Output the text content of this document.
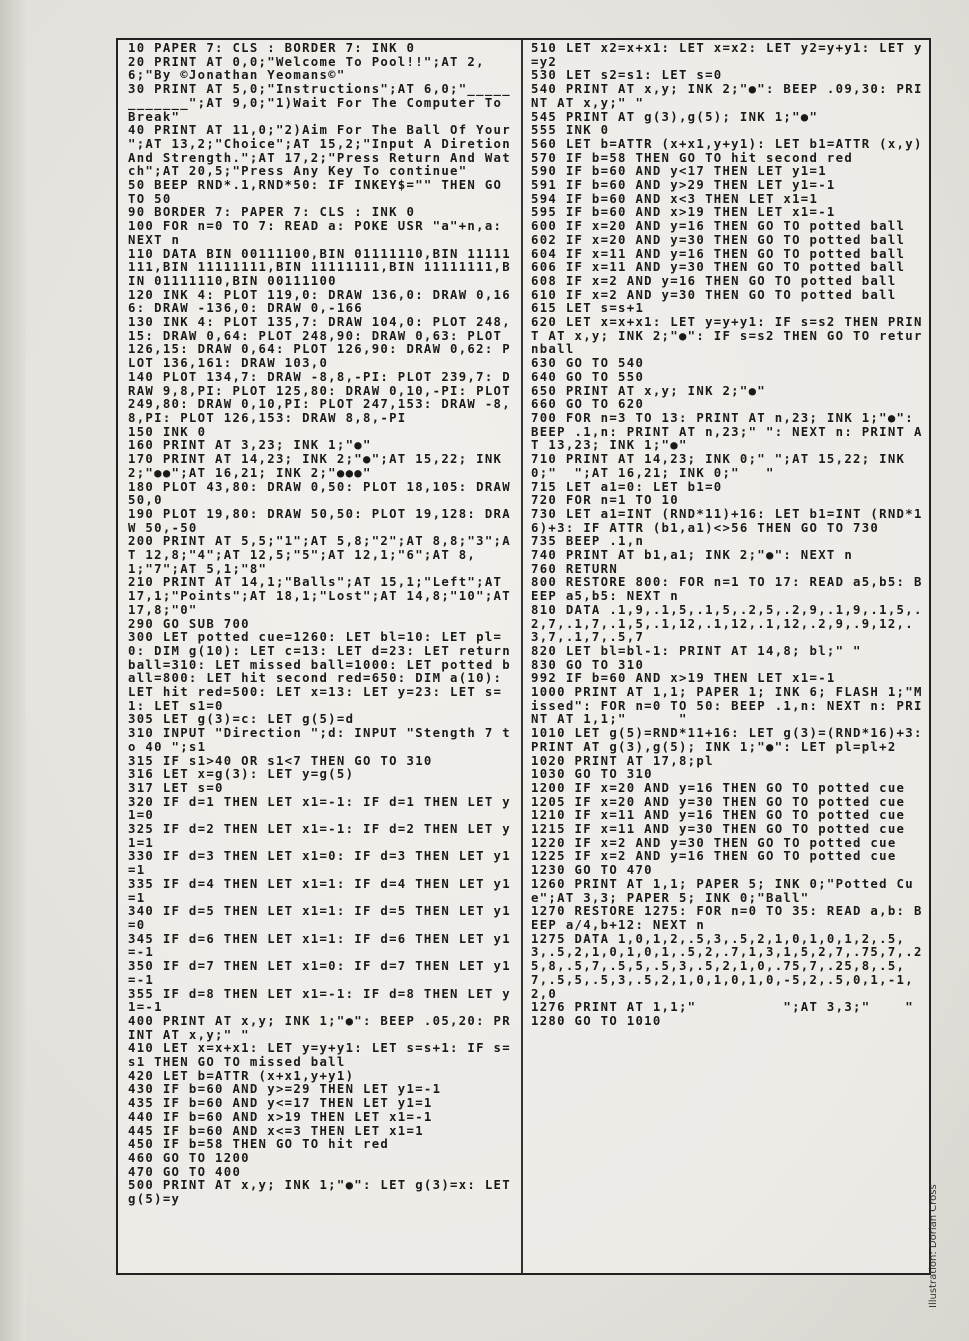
10 PAPER 7: CLS : BORDER 7: INK 0
20 PRINT AT 0,0;"Welcome To Pool!!";AT 2,6;"By ©Jonathan Yeomans©"
30 PRINT AT 5,0;"Instructions";AT 6,0;"____________";AT 9,0;"1)Wait For The Computer To Break"
40 PRINT AT 11,0;"2)Aim For The Ball Of Your ";AT 13,2;"Choice";AT 15,2;"Input A Diretion And Strength.";AT 17,2;"Press Return And Watch";AT 20,5;"Press Any Key To continue"
50 BEEP RND*.1,RND*50: IF INKEY$="" THEN GO TO 50
90 BORDER 7: PAPER 7: CLS : INK 0
100 FOR n=0 TO 7: READ a: POKE USR "a"+n,a: NEXT n
110 DATA BIN 00111100,BIN 01111110,BIN 11111111,BIN 11111111,BIN 11111111,BIN 11111111,BIN 01111110,BIN 00111100
120 INK 4: PLOT 119,0: DRAW 136,0: DRAW 0,166: DRAW -136,0: DRAW 0,-166
130 INK 4: PLOT 135,7: DRAW 104,0: PLOT 248,15: DRAW 0,64: PLOT 248,90: DRAW 0,63: PLOT 126,15: DRAW 0,64: PLOT 126,90: DRAW 0,62: PLOT 136,161: DRAW 103,0
140 PLOT 134,7: DRAW -8,8,-PI: PLOT 239,7: DRAW 9,8,PI: PLOT 125,80: DRAW 0,10,-PI: PLOT 249,80: DRAW 0,10,PI: PLOT 247,153: DRAW -8,8,PI: PLOT 126,153: DRAW 8,8,-PI
150 INK 0
160 PRINT AT 3,23; INK 1;"●"
170 PRINT AT 14,23; INK 2;"●";AT 15,22; INK 2;"●●";AT 16,21; INK 2;"●●●"
180 PLOT 43,80: DRAW 0,50: PLOT 18,105: DRAW 50,0
190 PLOT 19,80: DRAW 50,50: PLOT 19,128: DRAW 50,-50
200 PRINT AT 5,5;"1";AT 5,8;"2";AT 8,8;"3";AT 12,8;"4";AT 12,5;"5";AT 12,1;"6";AT 8,1;"7";AT 5,1;"8"
210 PRINT AT 14,1;"Balls";AT 15,1;"Left";AT 17,1;"Points";AT 18,1;"Lost";AT 14,8;"10";AT 17,8;"0"
290 GO SUB 700
300 LET potted cue=1260: LET bl=10: LET pl=0: DIM g(10): LET c=13: LET d=23: LET returnball=310: LET missed ball=1000: LET potted ball=800: LET hit second red=650: DIM a(10): LET hit red=500: LET x=13: LET y=23: LET s=1: LET s1=0
305 LET g(3)=c: LET g(5)=d
310 INPUT "Direction ";d: INPUT "Stength 7 to 40 ";s1
315 IF s1>40 OR s1<7 THEN GO TO 310
316 LET x=g(3): LET y=g(5)
317 LET s=0
320 IF d=1 THEN LET x1=-1: IF d=1 THEN LET y1=0
325 IF d=2 THEN LET x1=-1: IF d=2 THEN LET y1=1
330 IF d=3 THEN LET x1=0: IF d=3 THEN LET y1=1
335 IF d=4 THEN LET x1=1: IF d=4 THEN LET y1=1
340 IF d=5 THEN LET x1=1: IF d=5 THEN LET y1=0
345 IF d=6 THEN LET x1=1: IF d=6 THEN LET y1=-1
350 IF d=7 THEN LET x1=0: IF d=7 THEN LET y1=-1
355 IF d=8 THEN LET x1=-1: IF d=8 THEN LET y1=-1
400 PRINT AT x,y; INK 1;"●": BEEP .05,20: PRINT AT x,y;" "
410 LET x=x+x1: LET y=y+y1: LET s=s+1: IF s=s1 THEN GO TO missed ball
420 LET b=ATTR (x+x1,y+y1)
430 IF b=60 AND y>=29 THEN LET y1=-1
435 IF b=60 AND y<=17 THEN LET y1=1
440 IF b=60 AND x>19 THEN LET x1=-1
445 IF b=60 AND x<=3 THEN LET x1=1
450 IF b=58 THEN GO TO hit red
460 GO TO 1200
470 GO TO 400
500 PRINT AT x,y; INK 1;"●": LET g(3)=x: LET g(5)=y
510 LET x2=x+x1: LET x=x2: LET y2=y+y1: LET y=y2
530 LET s2=s1: LET s=0
540 PRINT AT x,y; INK 2;"●": BEEP .09,30: PRINT AT x,y;" "
545 PRINT AT g(3),g(5); INK 1;"●"
555 INK 0
560 LET b=ATTR (x+x1,y+y1): LET b1=ATTR (x,y)
570 IF b=58 THEN GO TO hit second red
590 IF b=60 AND y<17 THEN LET y1=1
591 IF b=60 AND y>29 THEN LET y1=-1
594 IF b=60 AND x<3 THEN LET x1=1
595 IF b=60 AND x>19 THEN LET x1=-1
600 IF x=20 AND y=16 THEN GO TO potted ball
602 IF x=20 AND y=30 THEN GO TO potted ball
604 IF x=11 AND y=16 THEN GO TO potted ball
606 IF x=11 AND y=30 THEN GO TO potted ball
608 IF x=2 AND y=16 THEN GO TO potted ball
610 IF x=2 AND y=30 THEN GO TO potted ball
615 LET s=s+1
620 LET x=x+x1: LET y=y+y1: IF s=s2 THEN PRINT AT x,y; INK 2;"●": IF s=s2 THEN GO TO returnball
630 GO TO 540
640 GO TO 550
650 PRINT AT x,y; INK 2;"●"
660 GO TO 620
700 FOR n=3 TO 13: PRINT AT n,23; INK 1;"●": BEEP .1,n: PRINT AT n,23;" ": NEXT n: PRINT AT 13,23; INK 1;"●"
710 PRINT AT 14,23; INK 0;" ";AT 15,22; INK 0;"  ";AT 16,21; INK 0;"   "
715 LET a1=0: LET b1=0
720 FOR n=1 TO 10
730 LET a1=INT (RND*11)+16: LET b1=INT (RND*16)+3: IF ATTR (b1,a1)<>56 THEN GO TO 730
735 BEEP .1,n
740 PRINT AT b1,a1; INK 2;"●": NEXT n
760 RETURN
800 RESTORE 800: FOR n=1 TO 17: READ a5,b5: BEEP a5,b5: NEXT n
810 DATA .1,9,.1,5,.1,5,.2,5,.2,9,.1,9,.1,5,.2,7,.1,7,.1,5,.1,12,.1,12,.1,12,.2,9,.9,12,.3,7,.1,7,.5,7
820 LET bl=bl-1: PRINT AT 14,8; bl;" "
830 GO TO 310
992 IF b=60 AND x>19 THEN LET x1=-1
1000 PRINT AT 1,1; PAPER 1; INK 6; FLASH 1;"Missed": FOR n=0 TO 50: BEEP .1,n: NEXT n: PRINT AT 1,1;"      "
1010 LET g(5)=RND*11+16: LET g(3)=(RND*16)+3: PRINT AT g(3),g(5); INK 1;"●": LET pl=pl+2
1020 PRINT AT 17,8;pl
1030 GO TO 310
1200 IF x=20 AND y=16 THEN GO TO potted cue
1205 IF x=20 AND y=30 THEN GO TO potted cue
1210 IF x=11 AND y=16 THEN GO TO potted cue
1215 IF x=11 AND y=30 THEN GO TO potted cue
1220 IF x=2 AND y=30 THEN GO TO potted cue
1225 IF x=2 AND y=16 THEN GO TO potted cue
1230 GO TO 470
1260 PRINT AT 1,1; PAPER 5; INK 0;"Potted Cue";AT 3,3; PAPER 5; INK 0;"Ball"
1270 RESTORE 1275: FOR n=0 TO 35: READ a,b: BEEP a/4,b+12: NEXT n
1275 DATA 1,0,1,2,.5,3,.5,2,1,0,1,0,1,2,.5,3,.5,2,1,0,1,0,1,.5,2,.7,1,3,1,5,2,7,.75,7,.25,8,.5,7,.5,5,.5,3,.5,2,1,0,.75,7,.25,8,.5,7,.5,5,.5,3,.5,2,1,0,1,0,1,0,-5,2,.5,0,1,-1,2,0
1276 PRINT AT 1,1;"          ";AT 3,3;"    "
1280 GO TO 1010
Illustration: Dorian Cross
